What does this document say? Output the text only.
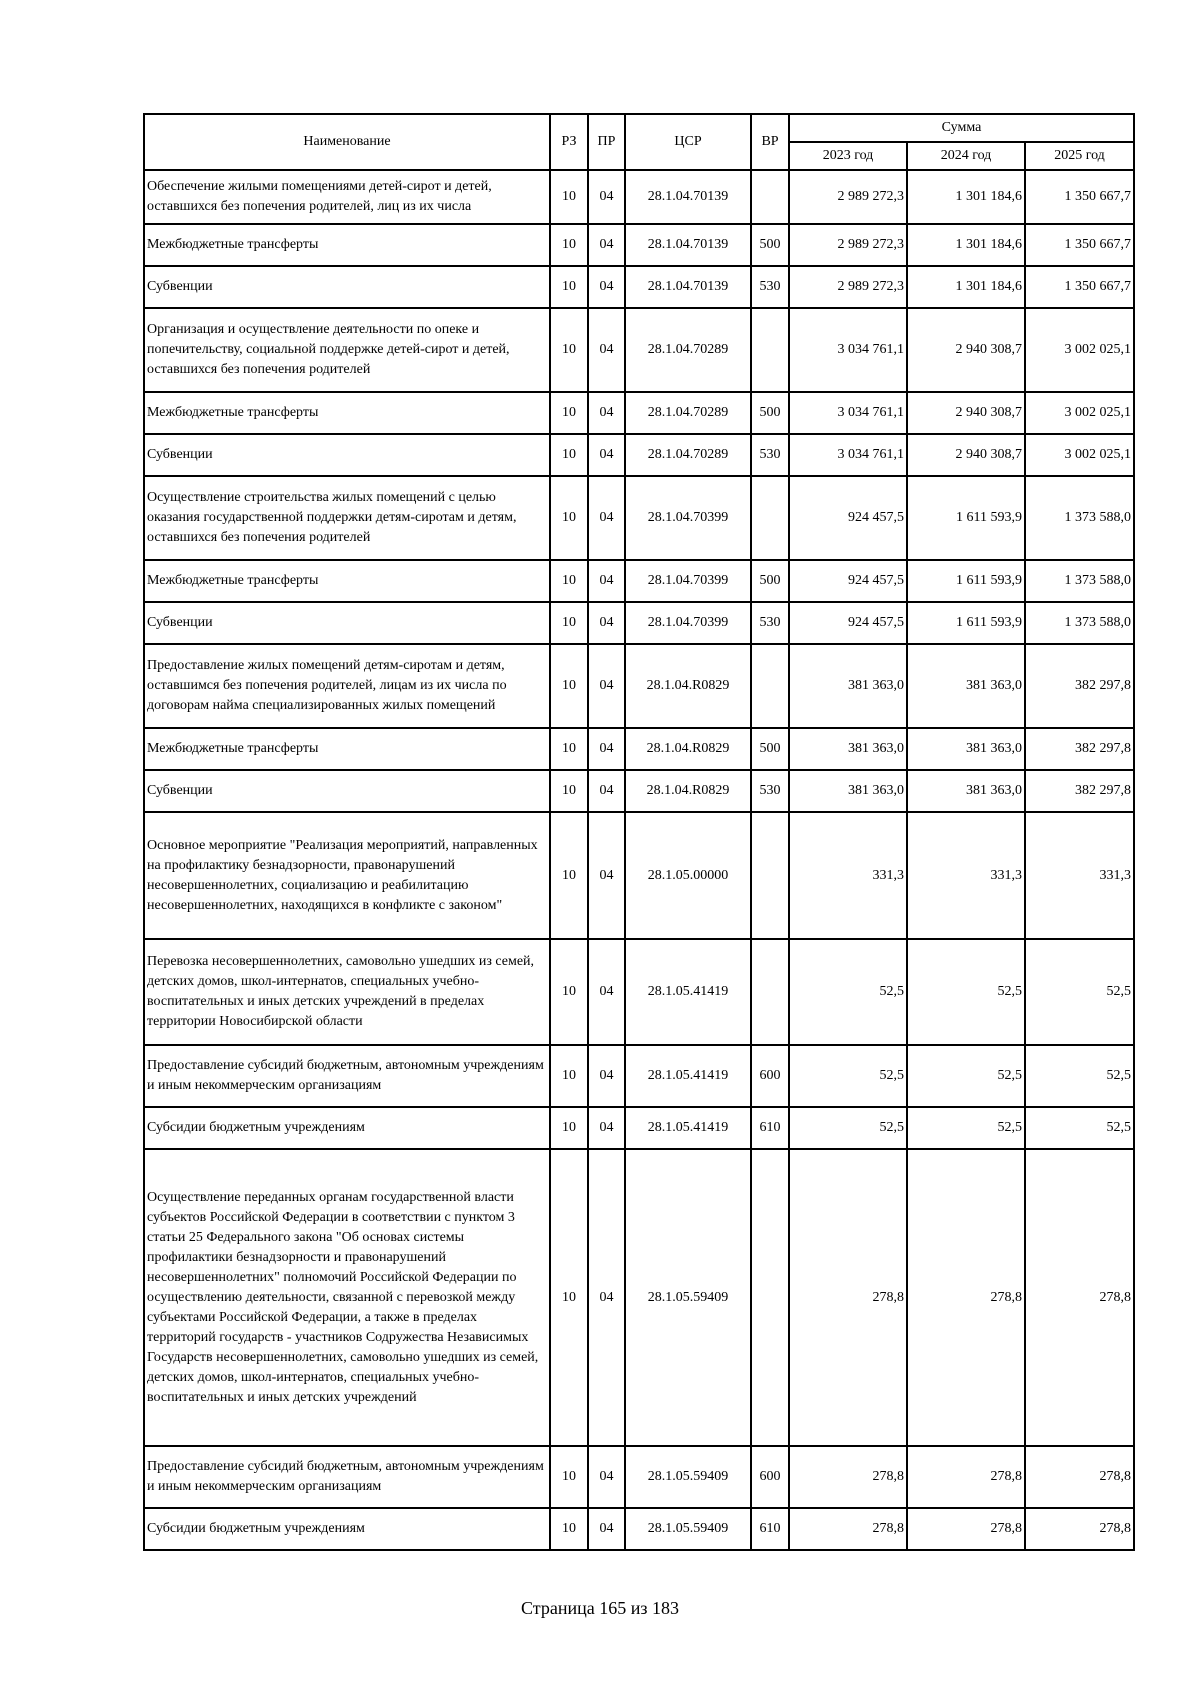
Наименование	РЗ	ПР	ЦСР	ВР	Сумма		
					2023 год	2024 год	2025 год
Обеспечение жилыми помещениями детей-сирот и детей, оставшихся без попечения родителей, лиц из их числа	10	04	28.1.04.70139		2 989 272,3	1 301 184,6	1 350 667,7
Межбюджетные трансферты	10	04	28.1.04.70139	500	2 989 272,3	1 301 184,6	1 350 667,7
Субвенции	10	04	28.1.04.70139	530	2 989 272,3	1 301 184,6	1 350 667,7
Организация и осуществление деятельности по опеке и попечительству, социальной поддержке детей-сирот и детей, оставшихся без попечения родителей	10	04	28.1.04.70289		3 034 761,1	2 940 308,7	3 002 025,1
Межбюджетные трансферты	10	04	28.1.04.70289	500	3 034 761,1	2 940 308,7	3 002 025,1
Субвенции	10	04	28.1.04.70289	530	3 034 761,1	2 940 308,7	3 002 025,1
Осуществление строительства жилых помещений с целью оказания государственной поддержки детям-сиротам и детям, оставшихся без попечения родителей	10	04	28.1.04.70399		924 457,5	1 611 593,9	1 373 588,0
Межбюджетные трансферты	10	04	28.1.04.70399	500	924 457,5	1 611 593,9	1 373 588,0
Субвенции	10	04	28.1.04.70399	530	924 457,5	1 611 593,9	1 373 588,0
Предоставление жилых помещений детям-сиротам и детям, оставшимся без попечения родителей, лицам из их числа по договорам найма специализированных жилых помещений	10	04	28.1.04.R0829		381 363,0	381 363,0	382 297,8
Межбюджетные трансферты	10	04	28.1.04.R0829	500	381 363,0	381 363,0	382 297,8
Субвенции	10	04	28.1.04.R0829	530	381 363,0	381 363,0	382 297,8
Основное мероприятие "Реализация мероприятий, направленных на профилактику безнадзорности, правонарушений несовершеннолетних, социализацию и реабилитацию несовершеннолетних, находящихся в конфликте с законом"	10	04	28.1.05.00000		331,3	331,3	331,3
Перевозка несовершеннолетних, самовольно ушедших из семей, детских домов, школ-интернатов, специальных учебно-воспитательных и иных детских учреждений в пределах территории Новосибирской области	10	04	28.1.05.41419		52,5	52,5	52,5
Предоставление субсидий бюджетным, автономным учреждениям и иным некоммерческим организациям	10	04	28.1.05.41419	600	52,5	52,5	52,5
Субсидии бюджетным учреждениям	10	04	28.1.05.41419	610	52,5	52,5	52,5
Осуществление переданных органам государственной власти субъектов Российской Федерации в соответствии с пунктом 3 статьи 25 Федерального закона "Об основах системы профилактики безнадзорности и правонарушений несовершеннолетних" полномочий Российской Федерации по осуществлению деятельности, связанной с перевозкой между субъектами Российской Федерации, а также в пределах территорий государств - участников Содружества Независимых Государств несовершеннолетних, самовольно ушедших из семей, детских домов, школ-интернатов, специальных учебно-воспитательных и иных детских учреждений	10	04	28.1.05.59409		278,8	278,8	278,8
Предоставление субсидий бюджетным, автономным учреждениям и иным некоммерческим организациям	10	04	28.1.05.59409	600	278,8	278,8	278,8
Субсидии бюджетным учреждениям	10	04	28.1.05.59409	610	278,8	278,8	278,8
Страница 165 из 183
